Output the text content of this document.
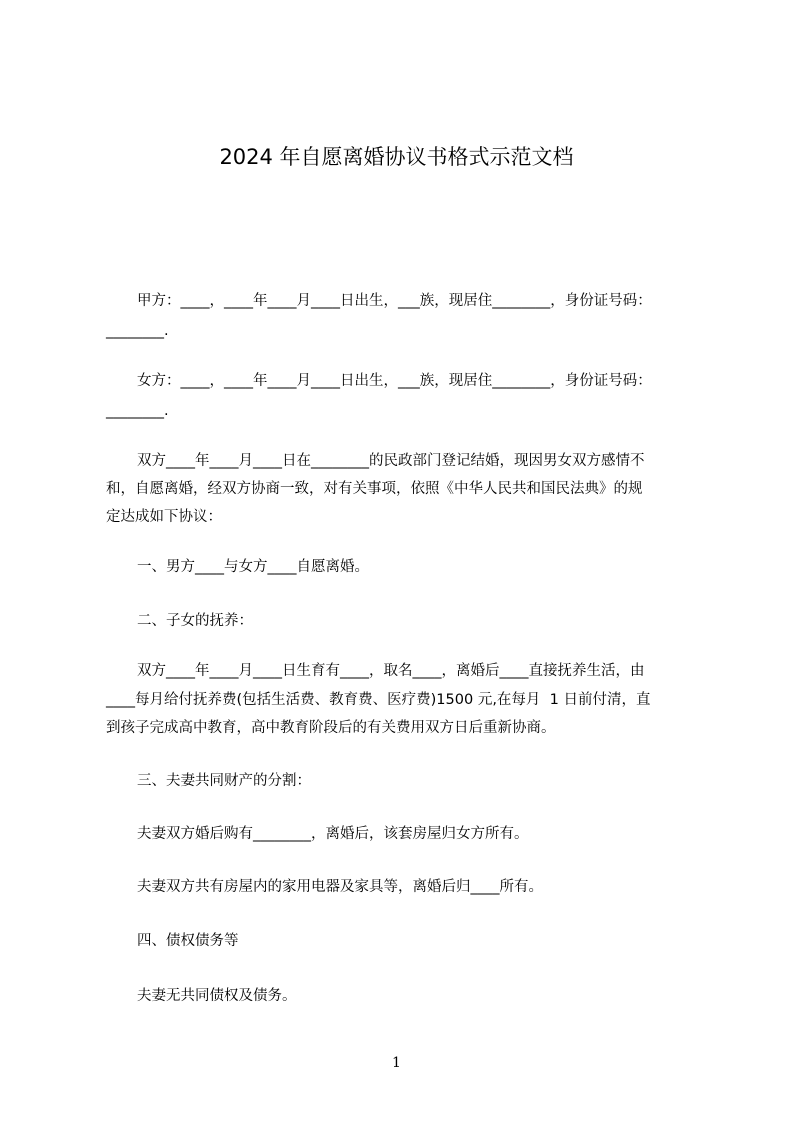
2024 年自愿离婚协议书格式示范文档
甲方：____，____年____月____日出生，___族，现居住________，身份证号码：
________.
女方：____，____年____月____日出生，___族，现居住________，身份证号码：
________.
双方____年____月____日在________的民政部门登记结婚，现因男女双方感情不
和，自愿离婚，经双方协商一致，对有关事项，依照《中华人民共和国民法典》的规
定达成如下协议：
一、男方____与女方____自愿离婚。
二、子女的抚养：
双方____年____月____日生育有____，取名____，离婚后____直接抚养生活，由
____每月给付抚养费(包括生活费、教育费、医疗费)1500 元,在每月  1 日前付清，直
到孩子完成高中教育，高中教育阶段后的有关费用双方日后重新协商。
三、夫妻共同财产的分割：
夫妻双方婚后购有________，离婚后，该套房屋归女方所有。
夫妻双方共有房屋内的家用电器及家具等，离婚后归____所有。
四、债权债务等
夫妻无共同债权及债务。
1
